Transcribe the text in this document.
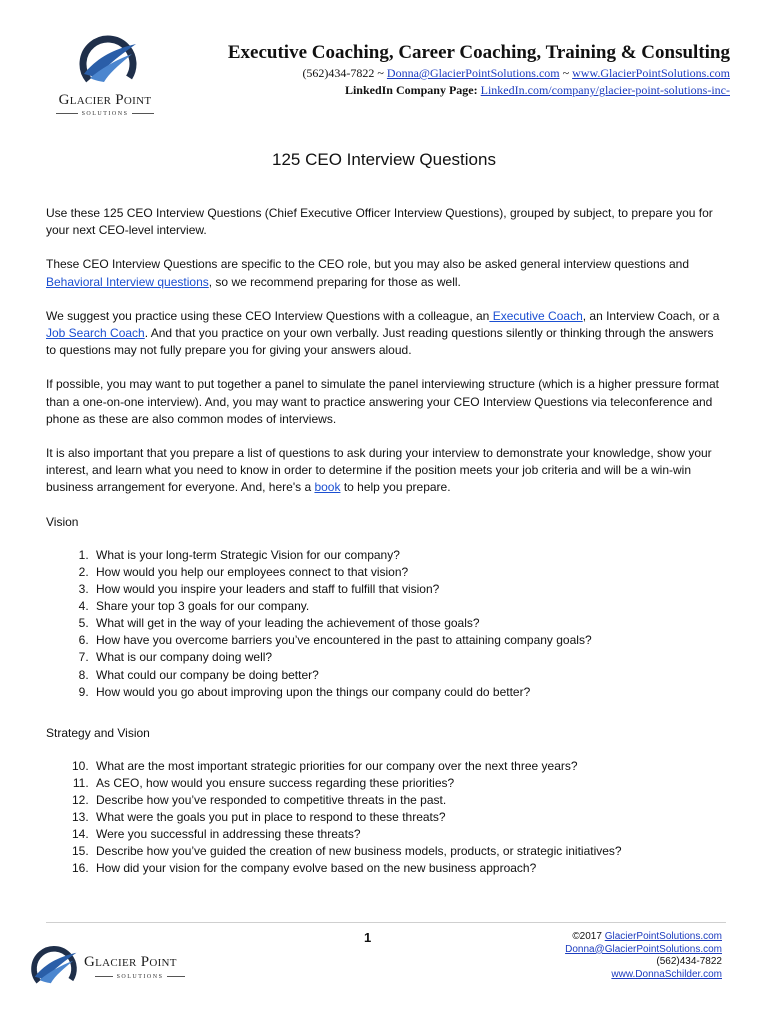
Glacier Point
SOLUTIONS

Executive Coaching, Career Coaching, Training & Consulting

(562)434-7822 ~ Donna@GlacierPointSolutions.com ~ www.GlacierPointSolutions.com

LinkedIn Company Page: LinkedIn.com/company/glacier-point-solutions-inc-

125 CEO Interview Questions

Use these 125 CEO Interview Questions (Chief Executive Officer Interview Questions), grouped by subject, to prepare you for your next CEO-level interview.

These CEO Interview Questions are specific to the CEO role, but you may also be asked general interview questions and Behavioral Interview questions, so we recommend preparing for those as well.

We suggest you practice using these CEO Interview Questions with a colleague, an Executive Coach, an Interview Coach, or a Job Search Coach. And that you practice on your own verbally. Just reading questions silently or thinking through the answers to questions may not fully prepare you for giving your answers aloud.

If possible, you may want to put together a panel to simulate the panel interviewing structure (which is a higher pressure format than a one-on-one interview). And, you may want to practice answering your CEO Interview Questions via teleconference and phone as these are also common modes of interviews.

It is also important that you prepare a list of questions to ask during your interview to demonstrate your knowledge, show your interest, and learn what you need to know in order to determine if the position meets your job criteria and will be a win-win business arrangement for everyone. And, here's a book to help you prepare.

Vision
1. What is your long-term Strategic Vision for our company?
2. How would you help our employees connect to that vision?
3. How would you inspire your leaders and staff to fulfill that vision?
4. Share your top 3 goals for our company.
5. What will get in the way of your leading the achievement of those goals?
6. How have you overcome barriers you’ve encountered in the past to attaining company goals?
7. What is our company doing well?
8. What could our company be doing better?
9. How would you go about improving upon the things our company could do better?
Strategy and Vision
10. What are the most important strategic priorities for our company over the next three years?
11. As CEO, how would you ensure success regarding these priorities?
12. Describe how you’ve responded to competitive threats in the past.
13. What were the goals you put in place to respond to these threats?
14. Were you successful in addressing these threats?
15. Describe how you’ve guided the creation of new business models, products, or strategic initiatives?
16. How did your vision for the company evolve based on the new business approach?
Glacier Point
SOLUTIONS
1	©2017 GlacierPointSolutions.com
Donna@GlacierPointSolutions.com
(562)434-7822
www.DonnaSchilder.com
